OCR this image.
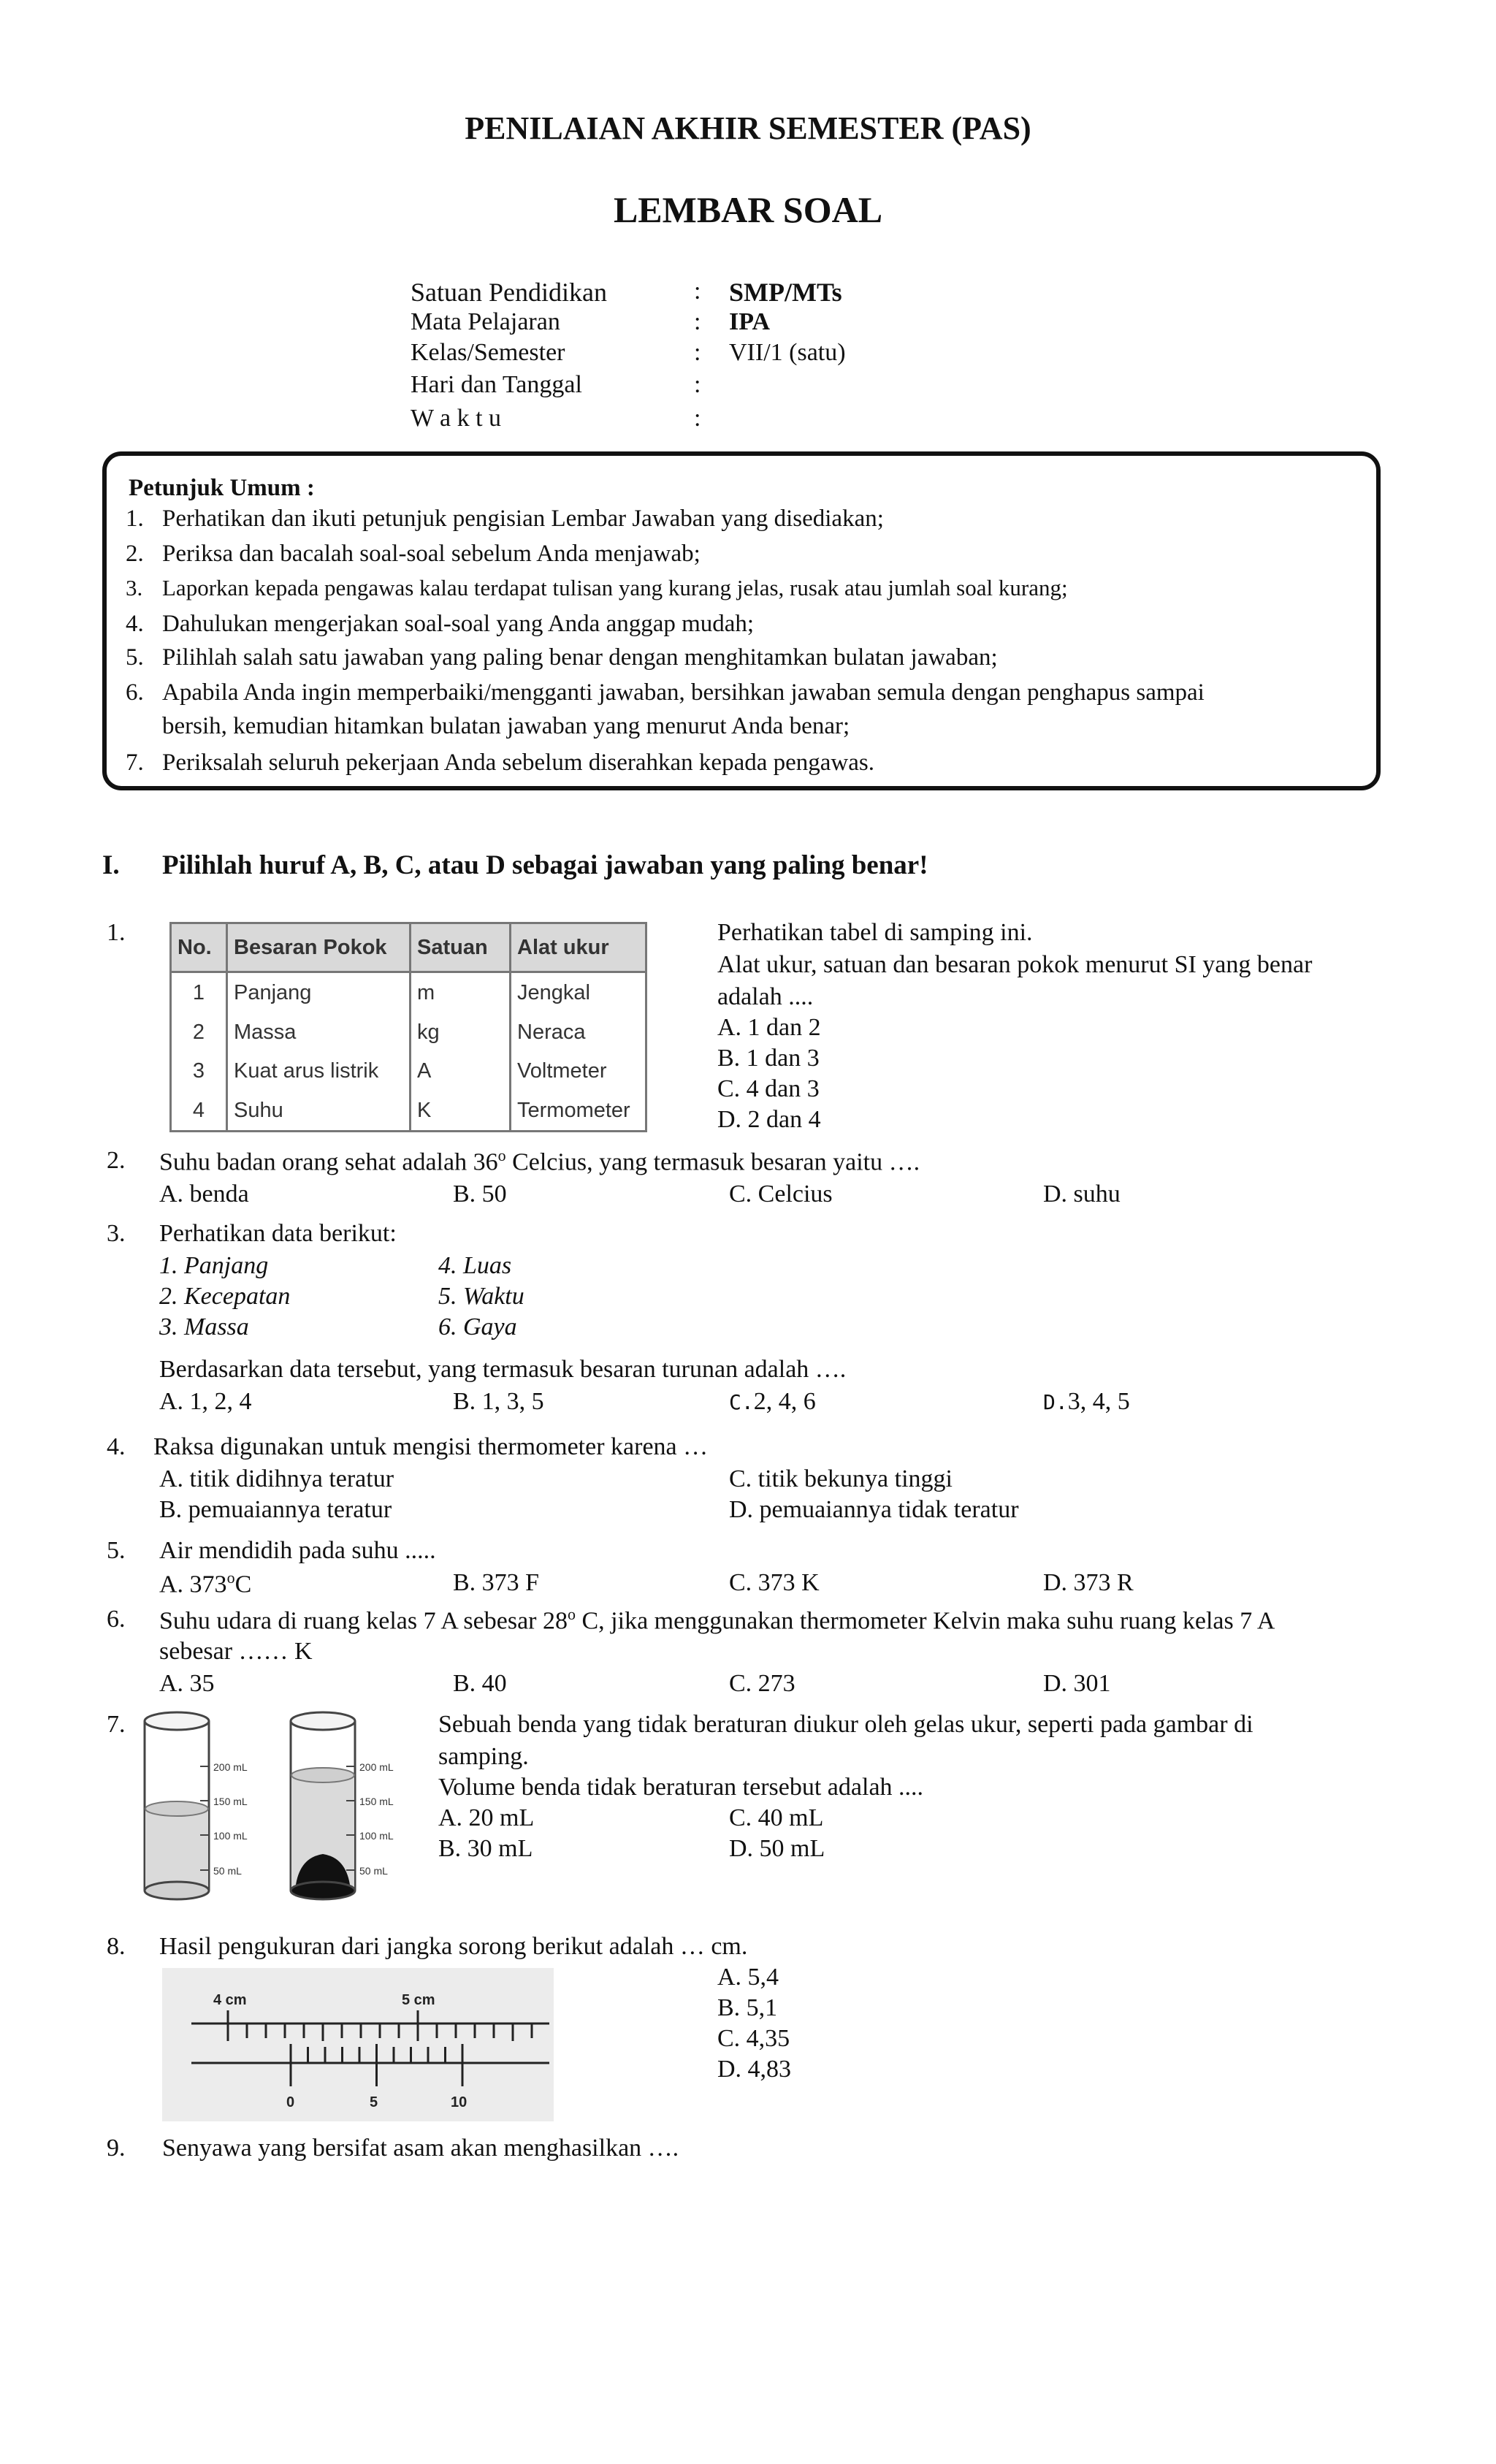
PENILAIAN AKHIR SEMESTER (PAS)
LEMBAR SOAL
Satuan Pendidikan	: SMP/MTs
Mata Pelajaran	: IPA
Kelas/Semester	: VII/1 (satu)
Hari dan Tanggal	:
W a k t u	:
Petunjuk Umum :
1. Perhatikan dan ikuti petunjuk pengisian Lembar Jawaban yang disediakan;
2. Periksa dan bacalah soal-soal sebelum Anda menjawab;
3. Laporkan kepada pengawas kalau terdapat tulisan yang kurang jelas, rusak atau jumlah soal kurang;
4. Dahulukan mengerjakan soal-soal yang Anda anggap mudah;
5. Pilihlah salah satu jawaban yang paling benar dengan menghitamkan bulatan jawaban;
6. Apabila Anda ingin memperbaiki/mengganti jawaban, bersihkan jawaban semula dengan penghapus sampai
bersih, kemudian hitamkan bulatan jawaban yang menurut Anda benar;
7. Periksalah seluruh pekerjaan Anda sebelum diserahkan kepada pengawas.
I. Pilihlah huruf A, B, C, atau D sebagai jawaban yang paling benar!
1.
No.	Besaran Pokok	Satuan	Alat ukur
1	Panjang	m	Jengkal
2	Massa	kg	Neraca
3	Kuat arus listrik	A	Voltmeter
4	Suhu	K	Termometer
Perhatikan tabel di samping ini.
Alat ukur, satuan dan besaran pokok menurut SI yang benar
adalah ....
A. 1 dan 2
B. 1 dan 3
C. 4 dan 3
D. 2 dan 4
2. Suhu badan orang sehat adalah 36$^o$ Celcius, yang termasuk besaran yaitu ….
A. benda	B. 50	C. Celcius	D. suhu
3. Perhatikan data berikut:
1. Panjang
2. Kecepatan
3. Massa
4. Luas
5. Waktu
6. Gaya
Berdasarkan data tersebut, yang termasuk besaran turunan adalah ….
A. 1, 2, 4	B. 1, 3, 5	C.2, 4, 6	D.3, 4, 5
4. Raksa digunakan untuk mengisi thermometer karena …
A. titik didihnya teratur	C. titik bekunya tinggi
B. pemuaiannya teratur	D. pemuaiannya tidak teratur
5. Air mendidih pada suhu .....
A. 373$^o$C	B. 373 F	C. 373 K	D. 373 R
6. Suhu udara di ruang kelas 7 A sebesar 28$^o$ C, jika menggunakan thermometer Kelvin maka suhu ruang kelas 7 A
sebesar …… K
A. 35	B. 40	C. 273	D. 301
7.
200 mL
150 mL
100 mL
50 mL
200 mL
150 mL
100 mL
50 mL
Sebuah benda yang tidak beraturan diukur oleh gelas ukur, seperti pada gambar di
samping.
Volume benda tidak beraturan tersebut adalah ....
A. 20 mL	C. 40 mL
B. 30 mL	D. 50 mL
8. Hasil pengukuran dari jangka sorong berikut adalah … cm.
4 cm	5 cm
0	5	10
A. 5,4
B. 5,1
C. 4,35
D. 4,83
9. Senyawa yang bersifat asam akan menghasilkan ….
